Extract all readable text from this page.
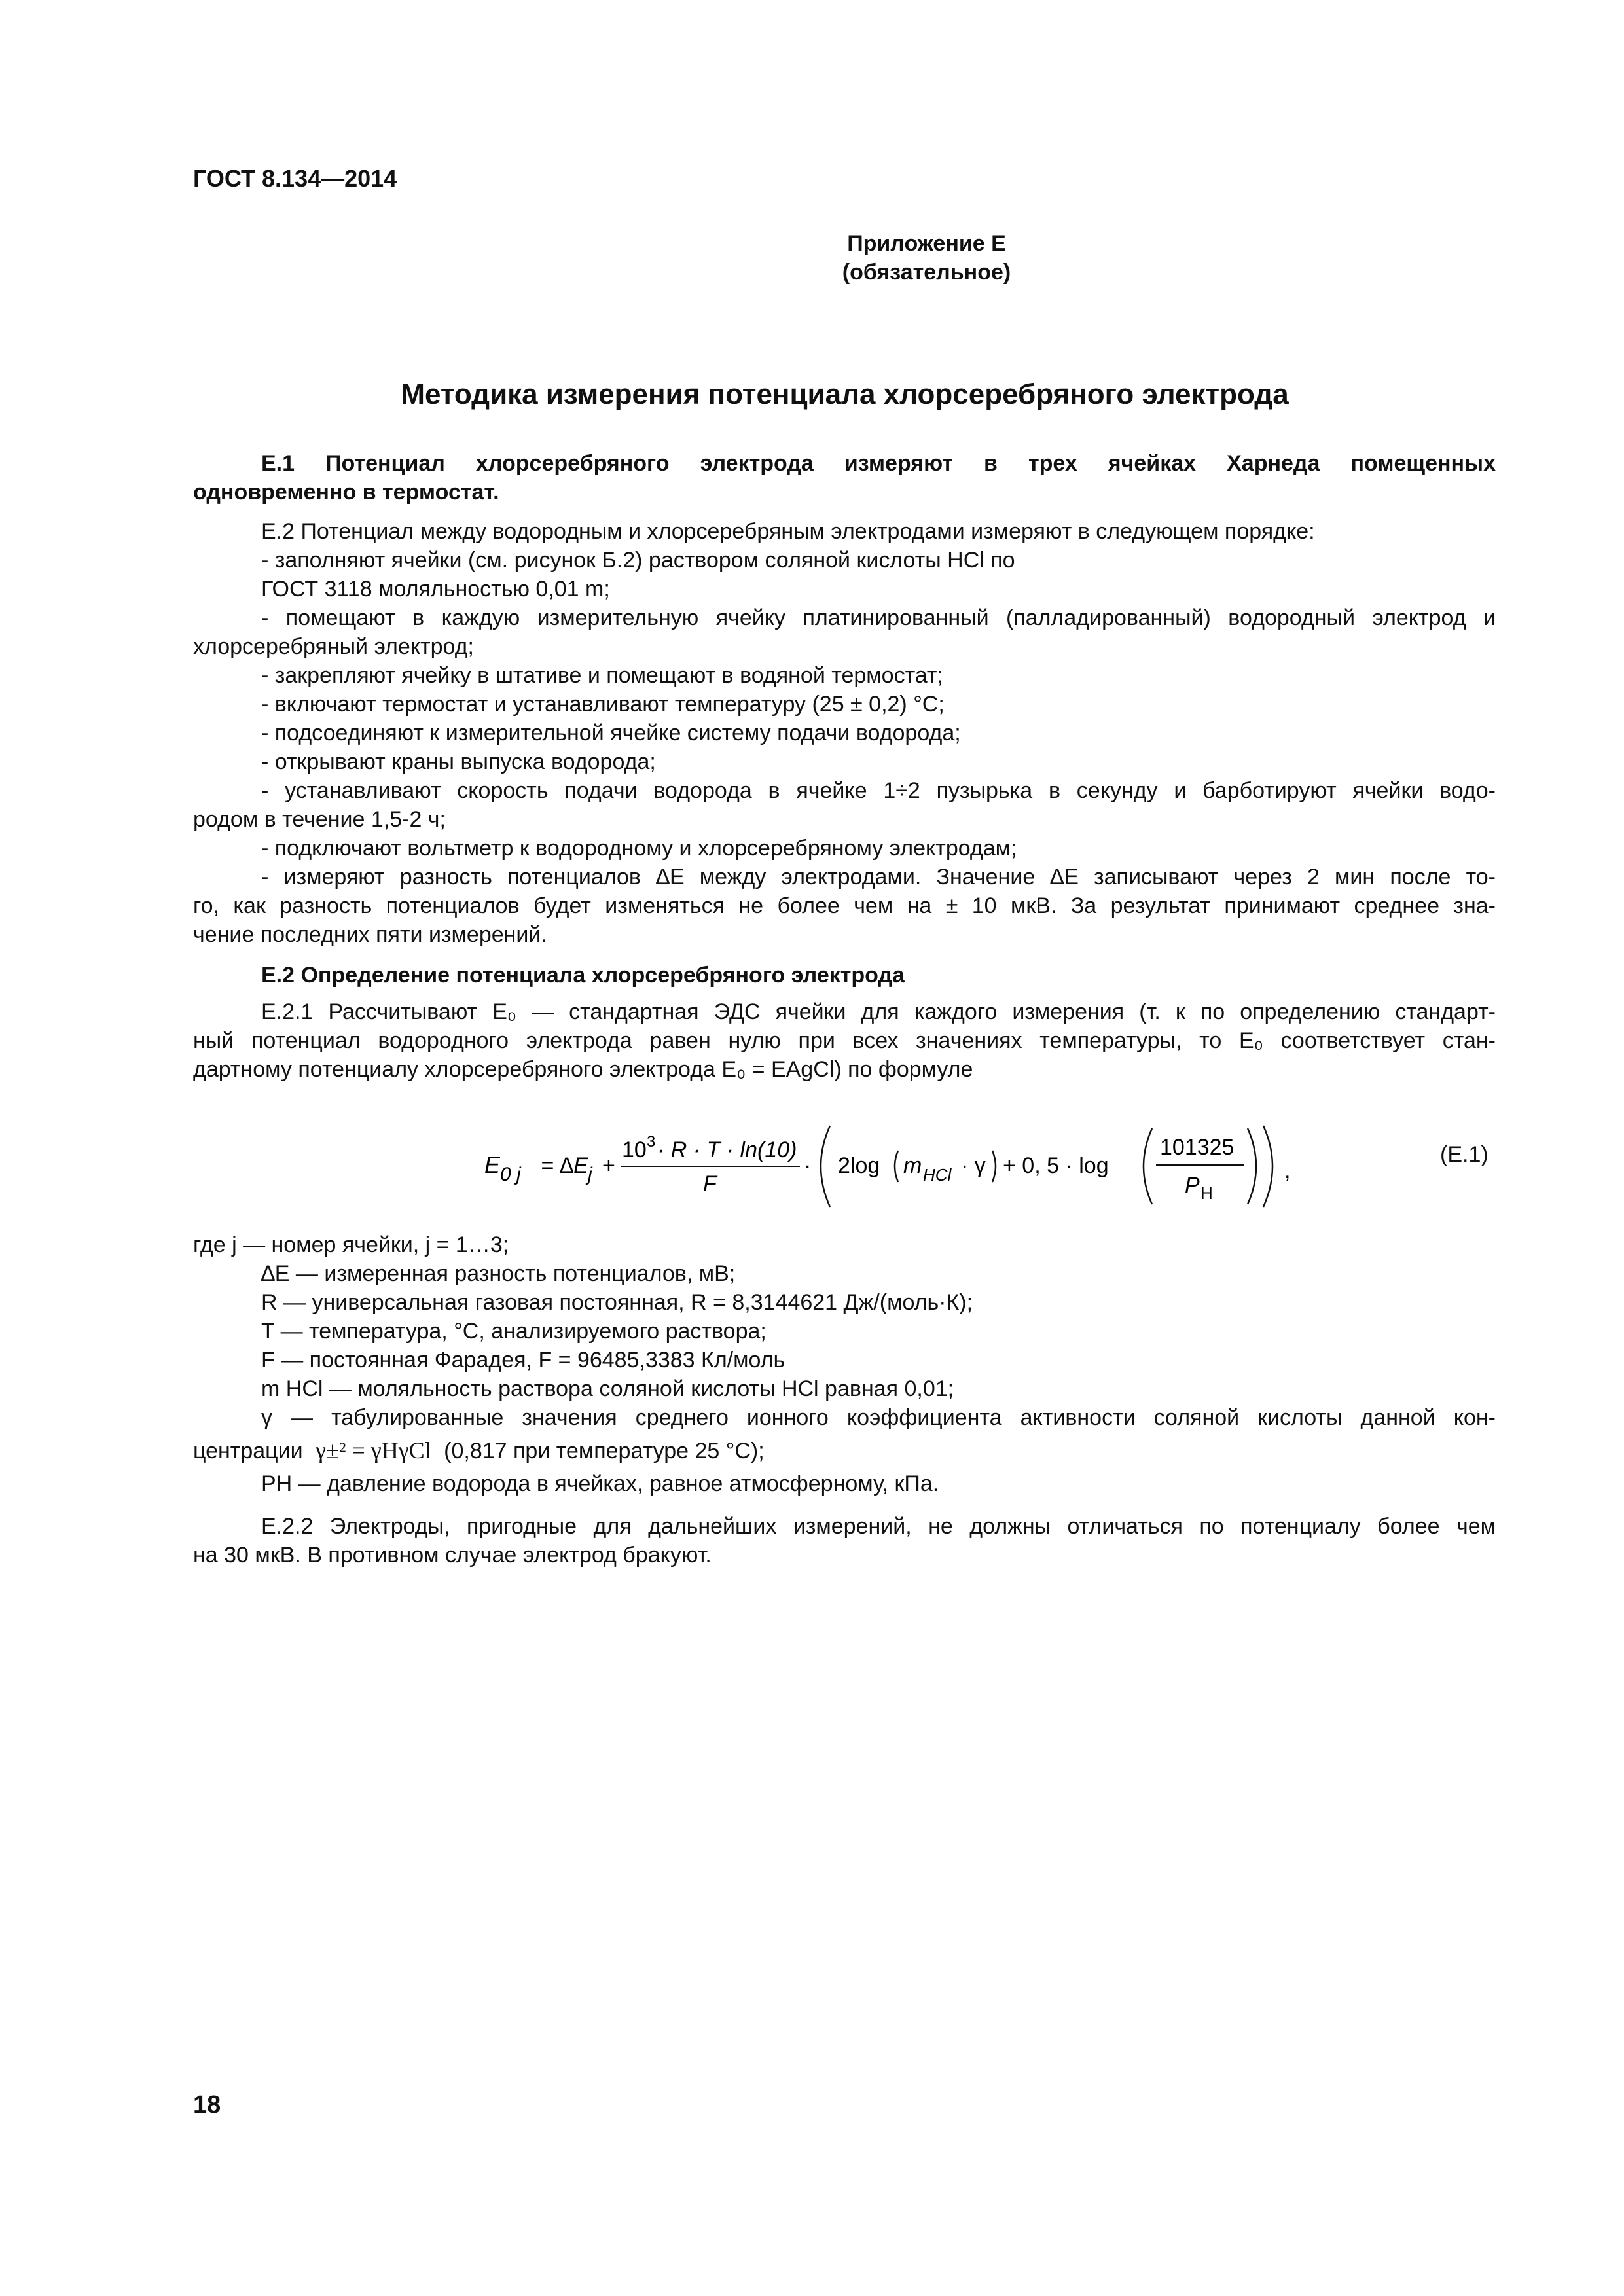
ГОСТ 8.134—2014
Приложение Е
(обязательное)
Методика измерения потенциала хлорсеребряного электрода
Е.1 Потенциал хлорсеребряного электрода измеряют в трех ячейках Харнеда помещенных
одновременно в термостат.
Е.2 Потенциал между водородным и хлорсеребряным электродами измеряют в следующем порядке:
- заполняют ячейки (см. рисунок Б.2) раствором соляной кислоты HCl по
ГОСТ 3118 моляльностью 0,01 m;
- помещают в каждую измерительную ячейку платинированный (палладированный) водородный электрод и
хлорсеребряный электрод;
- закрепляют ячейку в штативе и помещают в водяной термостат;
- включают термостат и устанавливают температуру (25 ± 0,2) °С;
- подсоединяют к измерительной ячейке систему подачи водорода;
- открывают краны выпуска водорода;
- устанавливают скорость подачи водорода в ячейке 1÷2 пузырька в секунду и барботируют ячейки водо-
родом в течение 1,5-2 ч;
- подключают вольтметр к водородному и хлорсеребряному электродам;
- измеряют разность потенциалов ∆Е между электродами. Значение ∆Е записывают через 2 мин после то-
го, как разность потенциалов будет изменяться не более чем на ± 10 мкВ. За результат принимают среднее зна-
чение последних пяти измерений.
Е.2 Определение потенциала хлорсеребряного электрода
Е.2.1 Рассчитывают E₀ — стандартная ЭДС ячейки для каждого измерения (т. к по определению стандарт-
ный потенциал водородного электрода равен нулю при всех значениях температуры, то E₀ соответствует стан-
дартному потенциалу хлорсеребряного электрода E₀ = EAgCl) по формуле
E 0 j = ∆E j +
10 3 · R · T · ln(10)
F
· 2log m HCl · γ + 0, 5 · log
101325
P H
,
(Е.1)
где j — номер ячейки, j = 1…3;
∆E — измеренная разность потенциалов, мВ;
R — универсальная газовая постоянная, R = 8,3144621 Дж/(моль·К);
T — температура, °С, анализируемого раствора;
F — постоянная Фарадея, F = 96485,3383 Кл/моль
m HCl — моляльность раствора соляной кислоты HCl равная 0,01;
γ — табулированные значения среднего ионного коэффициента активности соляной кислоты данной кон-
центрации γ±² = γHγCl (0,817 при температуре 25 °С);
PH — давление водорода в ячейках, равное атмосферному, кПа.
Е.2.2 Электроды, пригодные для дальнейших измерений, не должны отличаться по потенциалу более чем
на 30 мкВ. В противном случае электрод бракуют.
18
